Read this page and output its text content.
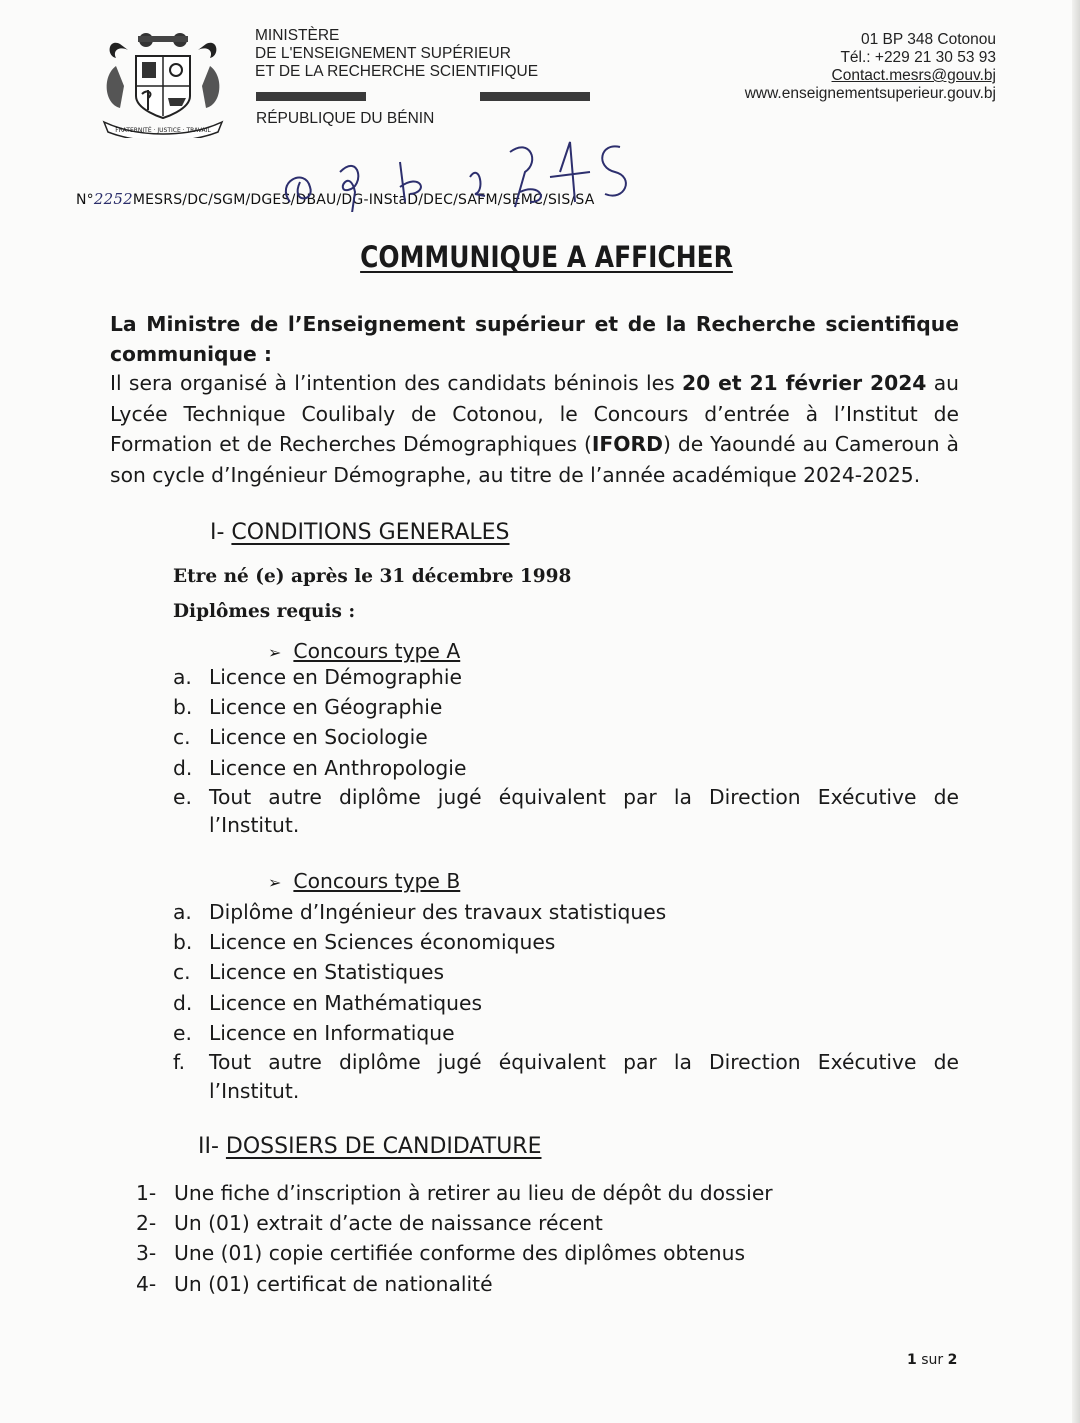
FRATERNITÉ · JUSTICE · TRAVAIL
MINISTÈRE
DE L'ENSEIGNEMENT SUPÉRIEUR
ET DE LA RECHERCHE SCIENTIFIQUE
RÉPUBLIQUE DU BÉNIN
01 BP 348 Cotonou
Tél.: +229 21 30 53 93
Contact.mesrs@gouv.bj
www.enseignementsuperieur.gouv.bj
N°2252MESRS/DC/SGM/DGES/DBAU/DG-INStaD/DEC/SAFM/SEMC/SIS/SA
COMMUNIQUE A AFFICHER
La Ministre de l’Enseignement supérieur et de la Recherche scientifique communique :
Il sera organisé à l’intention des candidats béninois les 20 et 21 février 2024 au Lycée Technique Coulibaly de Cotonou, le Concours d’entrée à l’Institut de Formation et de Recherches Démographiques (IFORD) de Yaoundé au Cameroun à son cycle d’Ingénieur Démographe, au titre de l’année académique 2024-2025.
I- CONDITIONS GENERALES
Etre né (e) après le 31 décembre 1998
Diplômes requis :
➢ Concours type A
a. Licence en Démographie
b. Licence en Géographie
c. Licence en Sociologie
d. Licence en Anthropologie
e. Tout autre diplôme jugé équivalent par la Direction Exécutive de l’Institut.
➢ Concours type B
a. Diplôme d’Ingénieur des travaux statistiques
b. Licence en Sciences économiques
c. Licence en Statistiques
d. Licence en Mathématiques
e. Licence en Informatique
f.	Tout autre diplôme jugé équivalent par la Direction Exécutive de l’Institut.
II- DOSSIERS DE CANDIDATURE
1- Une fiche d’inscription à retirer au lieu de dépôt du dossier
2- Un (01) extrait d’acte de naissance récent
3- Une (01) copie certifiée conforme des diplômes obtenus
4- Un (01) certificat de nationalité
1 sur 2
